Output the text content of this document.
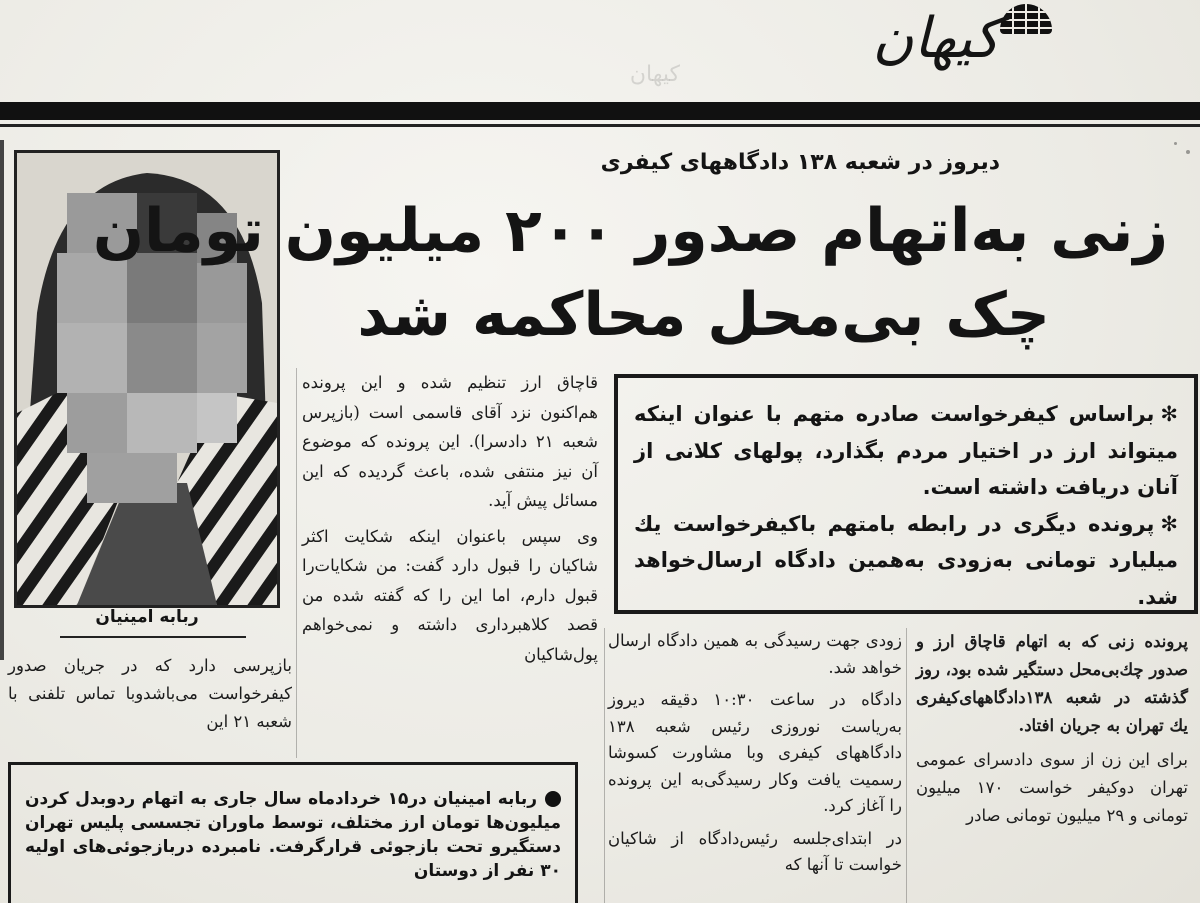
کیهان
کیهان
ربابه امینیان
دیروز در شعبه ۱۳۸ دادگاههای کیفری
زنی به‌اتهام صدور ۲۰۰ میلیون تومان
چک بی‌محل محاکمه شد

قاچاق ارز تنظیم شده و این پرونده هم‌اکنون نزد آقای قاسمی است (بازپرس شعبه ۲۱ دادسرا). این پرونده که موضوع آن نیز منتفی شده، باعث گردیده که این مسائل پیش آید.

وی سپس باعنوان اینکه شکایت اکثر شاکیان را قبول دارد گفت: من شکایات‌را قبول دارم، اما این را که گفته شده من قصد کلاهبرداری داشته و نمی‌خواهم پول‌شاکیان

✻براساس کیفرخواست صادره متهم با عنوان اینکه میتواند ارز در اختیار مردم بگذارد، پولهای کلانی از آنان دریافت داشته است.

✻پرونده دیگری در رابطه بامتهم باکیفرخواست یك میلیارد تومانی به‌زودی به‌همین دادگاه ارسال‌خواهد شد.

بازپرسی دارد که در جریان صدور کیفرخواست می‌باشدوبا تماس تلفنی با شعبه ۲۱ این

پرونده زنی که به اتهام قاچاق ارز و صدور چك‌بی‌محل دستگیر شده بود، روز گذشته در شعبه ۱۳۸دادگاههای‌کیفری یك تهران به جریان افتاد.

برای این زن از سوی دادسرای عمومی تهران دوکیفر خواست ۱۷۰ میلیون تومانی و ۲۹ میلیون تومانی صادر

زودی جهت رسیدگی به همین دادگاه ارسال خواهد شد.

دادگاه در ساعت ۱۰:۳۰ دقیقه دیروز به‌ریاست نوروزی رئیس شعبه ۱۳۸ دادگاههای کیفری وبا مشاورت کسوشا رسمیت یافت وکار رسیدگی‌به این پرونده را آغاز کرد.

در ابتدای‌جلسه رئیس‌دادگاه از شاکیان خواست تا آنها که

ربابه امینیان در۱۵ خردادماه سال جاری به اتهام ردوبدل کردن میلیون‌ها تومان ارز مختلف، توسط ماوران تجسسی پلیس تهران دستگیرو تحت بازجوئی قرارگرفت. نامبرده دربازجوئی‌های اولیه ۳۰ نفر از دوستان
